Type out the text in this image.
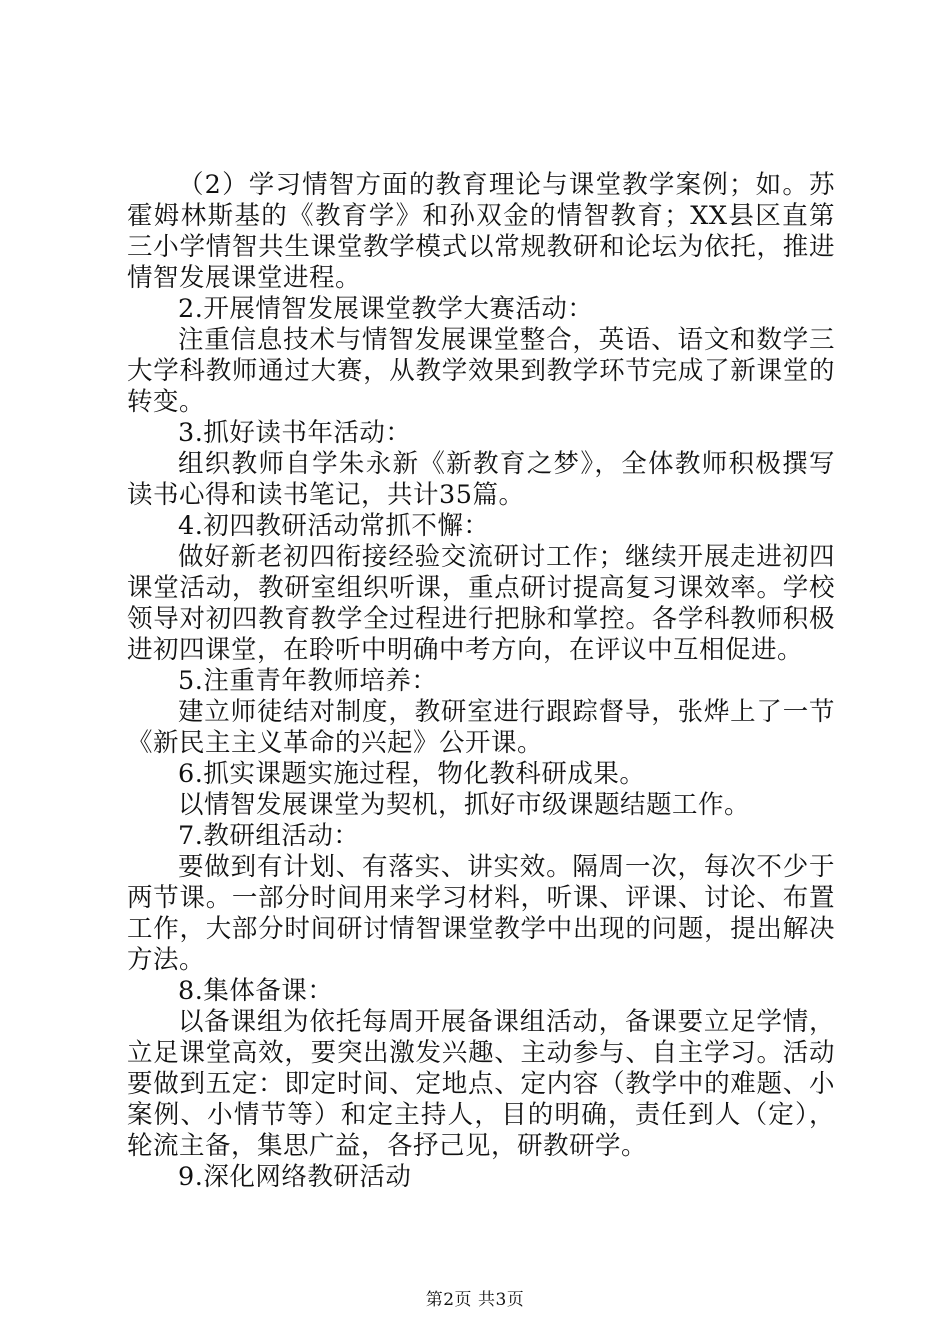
（2）学习情智方面的教育理论与课堂教学案例；如。苏霍姆林斯基的《教育学》和孙双金的情智教育；XX县区直第三小学情智共生课堂教学模式以常规教研和论坛为依托，推进情智发展课堂进程。

2.开展情智发展课堂教学大赛活动：

注重信息技术与情智发展课堂整合，英语、语文和数学三大学科教师通过大赛，从教学效果到教学环节完成了新课堂的转变。

3.抓好读书年活动：

组织教师自学朱永新《新教育之梦》，全体教师积极撰写读书心得和读书笔记，共计35篇。

4.初四教研活动常抓不懈：

做好新老初四衔接经验交流研讨工作；继续开展走进初四课堂活动，教研室组织听课，重点研讨提高复习课效率。学校领导对初四教育教学全过程进行把脉和掌控。各学科教师积极进初四课堂，在聆听中明确中考方向，在评议中互相促进。

5.注重青年教师培养：

建立师徒结对制度，教研室进行跟踪督导，张烨上了一节《新民主主义革命的兴起》公开课。

6.抓实课题实施过程，物化教科研成果。

以情智发展课堂为契机，抓好市级课题结题工作。

7.教研组活动：

要做到有计划、有落实、讲实效。隔周一次，每次不少于两节课。一部分时间用来学习材料，听课、评课、讨论、布置工作，大部分时间研讨情智课堂教学中出现的问题，提出解决方法。

8.集体备课：

以备课组为依托每周开展备课组活动，备课要立足学情，立足课堂高效，要突出激发兴趣、主动参与、自主学习。活动要做到五定：即定时间、定地点、定内容（教学中的难题、小案例、小情节等）和定主持人，目的明确，责任到人（定），轮流主备，集思广益，各抒己见，研教研学。

9.深化网络教研活动

第2页 共3页
